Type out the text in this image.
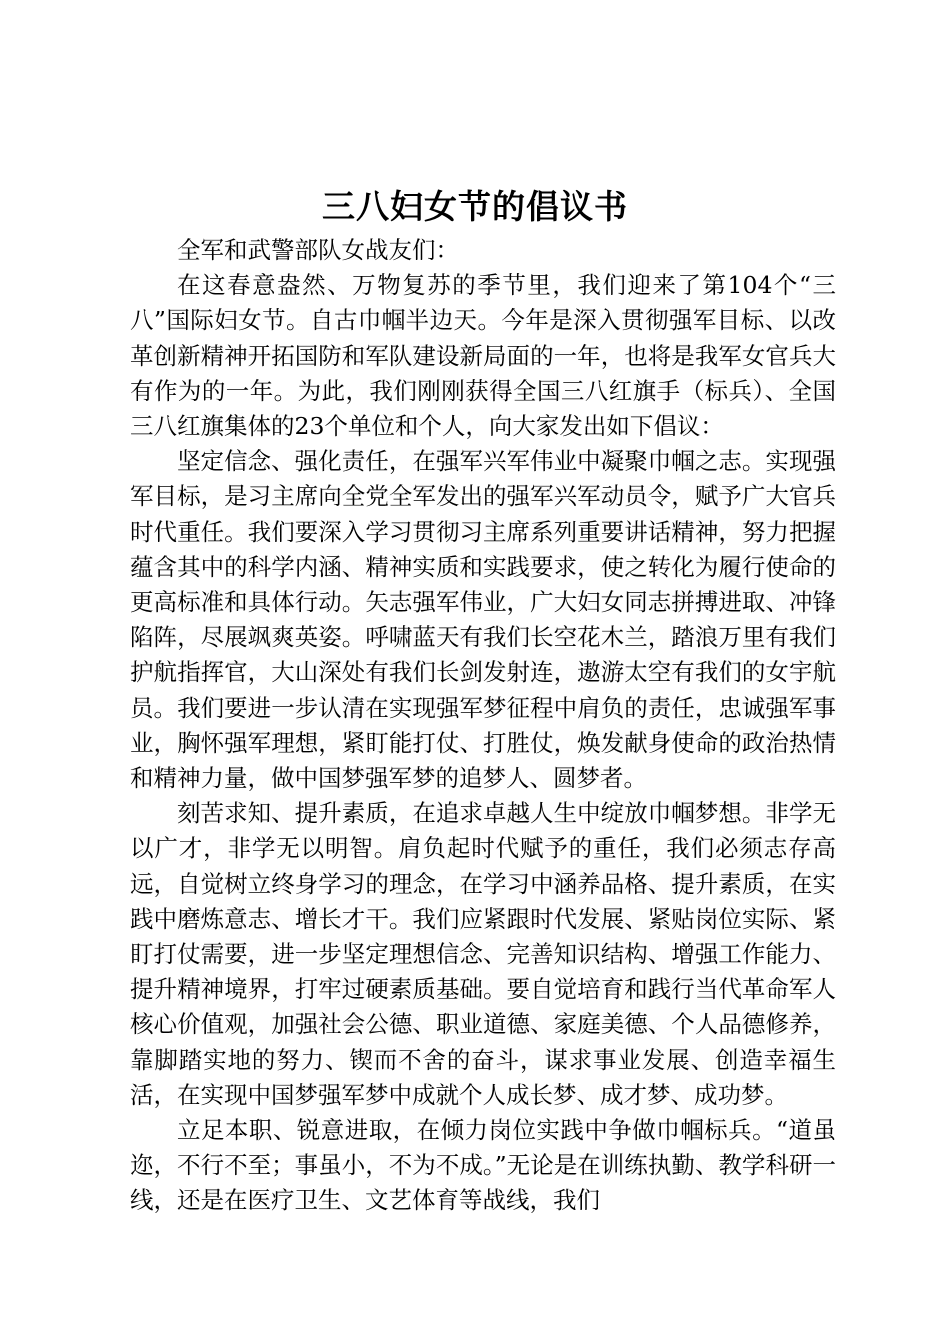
三八妇女节的倡议书

全军和武警部队女战友们：

在这春意盎然、万物复苏的季节里，我们迎来了第104个“三八”国际妇女节。自古巾帼半边天。今年是深入贯彻强军目标、以改革创新精神开拓国防和军队建设新局面的一年，也将是我军女官兵大有作为的一年。为此，我们刚刚获得全国三八红旗手（标兵）、全国三八红旗集体的23个单位和个人，向大家发出如下倡议：

坚定信念、强化责任，在强军兴军伟业中凝聚巾帼之志。实现强军目标，是习主席向全党全军发出的强军兴军动员令，赋予广大官兵时代重任。我们要深入学习贯彻习主席系列重要讲话精神，努力把握蕴含其中的科学内涵、精神实质和实践要求，使之转化为履行使命的更高标准和具体行动。矢志强军伟业，广大妇女同志拼搏进取、冲锋陷阵，尽展飒爽英姿。呼啸蓝天有我们长空花木兰，踏浪万里有我们护航指挥官，大山深处有我们长剑发射连，遨游太空有我们的女宇航员。我们要进一步认清在实现强军梦征程中肩负的责任，忠诚强军事业，胸怀强军理想，紧盯能打仗、打胜仗，焕发献身使命的政治热情和精神力量，做中国梦强军梦的追梦人、圆梦者。

刻苦求知、提升素质，在追求卓越人生中绽放巾帼梦想。非学无以广才，非学无以明智。肩负起时代赋予的重任，我们必须志存高远，自觉树立终身学习的理念，在学习中涵养品格、提升素质，在实践中磨炼意志、增长才干。我们应紧跟时代发展、紧贴岗位实际、紧盯打仗需要，进一步坚定理想信念、完善知识结构、增强工作能力、提升精神境界，打牢过硬素质基础。要自觉培育和践行当代革命军人核心价值观，加强社会公德、职业道德、家庭美德、个人品德修养，靠脚踏实地的努力、锲而不舍的奋斗，谋求事业发展、创造幸福生活，在实现中国梦强军梦中成就个人成长梦、成才梦、成功梦。

立足本职、锐意进取，在倾力岗位实践中争做巾帼标兵。“道虽迩，不行不至；事虽小，不为不成。”无论是在训练执勤、教学科研一线，还是在医疗卫生、文艺体育等战线，我们
